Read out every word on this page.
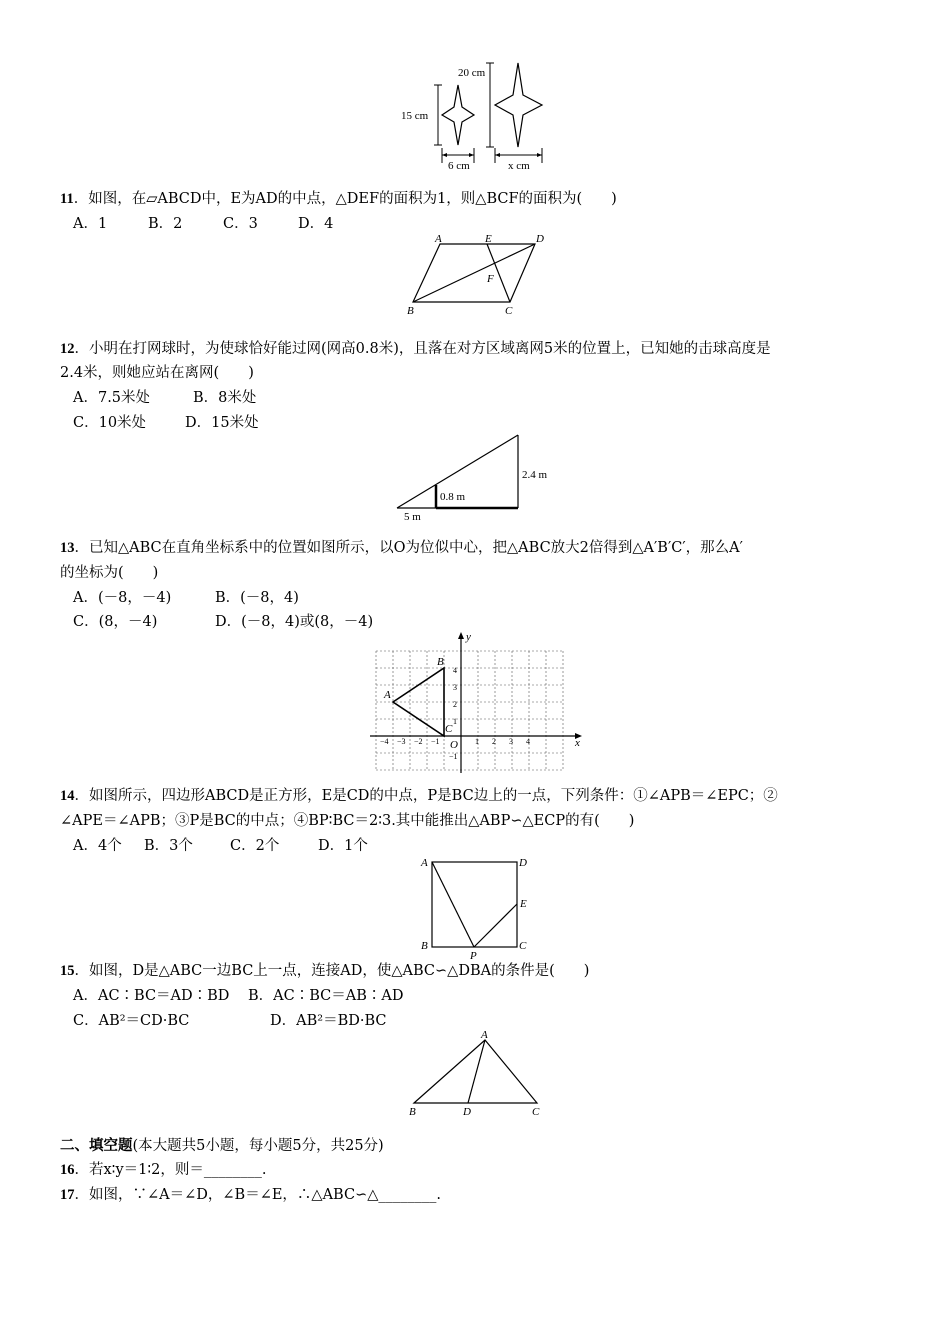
15 cm
20 cm
6 cm	x cm
11．如图，在▱ABCD中，E为AD的中点，△DEF的面积为1，则△BCF的面积为(　　)
A．1	B．2	C．3	D．4
A	E	D
F
B	C
12．小明在打网球时，为使球恰好能过网(网高0.8米)，且落在对方区域离网5米的位置上，已知她的击球高度是
2.4米，则她应站在离网(　　)
A．7.5米处	B．8米处
C．10米处	D．15米处
2.4 m
0.8 m
5 m
13．已知△ABC在直角坐标系中的位置如图所示，以O为位似中心，把△ABC放大2倍得到△A′B′C′，那么A′
的坐标为(　　)
A．(－8，－4)	B．(－8，4)
C．(8，－4)	D．(－8，4)或(8，－4)
x
y
O
−4 −3 −2 −1	1 2 3 4
4
3
2
1
−1
A
B
C
14．如图所示，四边形ABCD是正方形，E是CD的中点，P是BC边上的一点，下列条件：①∠APB＝∠EPC；②
∠APE＝∠APB；③P是BC的中点；④BP∶BC＝2∶3.其中能推出△ABP∽△ECP的有(　　)
A．4个 B．3个	C．2个	D．1个
A	D
E
B
P
C
15．如图，D是△ABC一边BC上一点，连接AD，使△ABC∽△DBA的条件是(　　)
A．AC∶BC＝AD∶BD B．AC∶BC＝AB∶AD
C．AB²＝CD·BC	D．AB²＝BD·BC
A
B	D	C
二、填空题(本大题共5小题，每小题5分，共25分)
16．若x∶y＝1∶2，则＝________.
17．如图，∵∠A＝∠D，∠B＝∠E，∴△ABC∽△________.
